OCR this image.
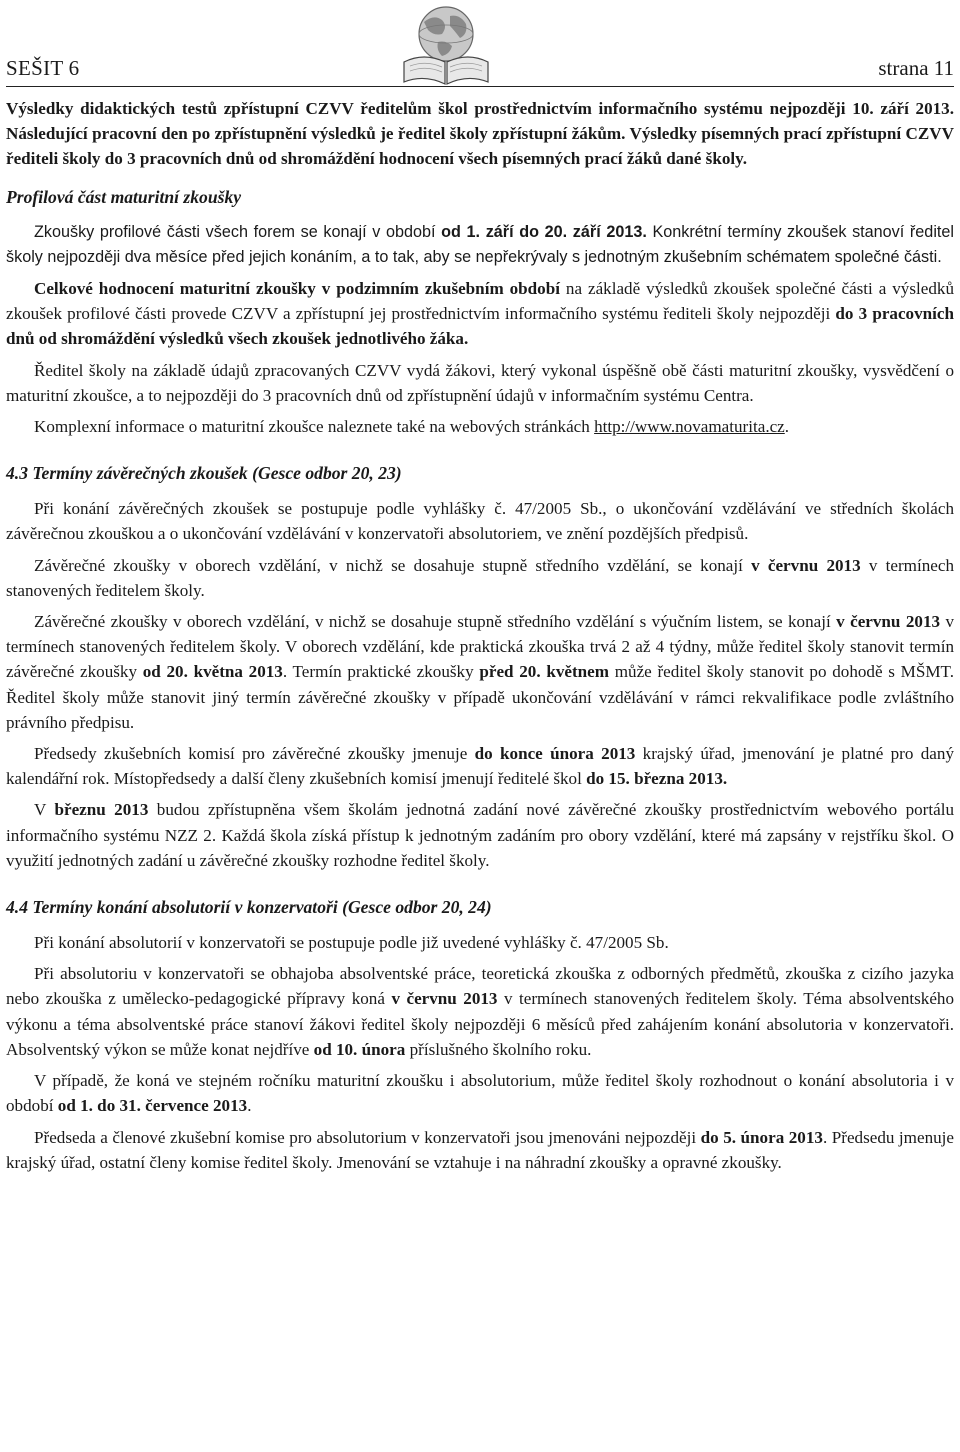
SEŠIT 6	strana 11

Výsledky didaktických testů zpřístupní CZVV ředitelům škol prostřednictvím informačního systému nejpozději 10. září 2013. Následující pracovní den po zpřístupnění výsledků je ředitel školy zpřístupní žákům. Výsledky písemných prací zpřístupní CZVV řediteli školy do 3 pracovních dnů od shromáždění hodnocení všech písemných prací žáků dané školy.

Profilová část maturitní zkoušky

Zkoušky profilové části všech forem se konají v období od 1. září do 20. září 2013. Konkrétní termíny zkoušek stanoví ředitel školy nejpozději dva měsíce před jejich konáním, a to tak, aby se nepřekrývaly s jednotným zkušebním schématem společné části.

Celkové hodnocení maturitní zkoušky v podzimním zkušebním období na základě výsledků zkoušek společné části a výsledků zkoušek profilové části provede CZVV a zpřístupní jej prostřednictvím informačního systému řediteli školy nejpozději do 3 pracovních dnů od shromáždění výsledků všech zkoušek jednotlivého žáka.

Ředitel školy na základě údajů zpracovaných CZVV vydá žákovi, který vykonal úspěšně obě části maturitní zkoušky, vysvědčení o maturitní zkoušce, a to nejpozději do 3 pracovních dnů od zpřístupnění údajů v informačním systému Centra.

Komplexní informace o maturitní zkoušce naleznete také na webových stránkách http://www.novamaturita.cz.

4.3 Termíny závěrečných zkoušek (Gesce odbor 20, 23)

Při konání závěrečných zkoušek se postupuje podle vyhlášky č. 47/2005 Sb., o ukončování vzdělávání ve středních školách závěrečnou zkouškou a o ukončování vzdělávání v konzervatoři absolutoriem, ve znění pozdějších předpisů.

Závěrečné zkoušky v oborech vzdělání, v nichž se dosahuje stupně středního vzdělání, se konají v červnu 2013 v termínech stanovených ředitelem školy.

Závěrečné zkoušky v oborech vzdělání, v nichž se dosahuje stupně středního vzdělání s výučním listem, se konají v červnu 2013 v termínech stanovených ředitelem školy. V oborech vzdělání, kde praktická zkouška trvá 2 až 4 týdny, může ředitel školy stanovit termín závěrečné zkoušky od 20. května 2013. Termín praktické zkoušky před 20. květnem může ředitel školy stanovit po dohodě s MŠMT. Ředitel školy může stanovit jiný termín závěrečné zkoušky v případě ukončování vzdělávání v rámci rekvalifikace podle zvláštního právního předpisu.

Předsedy zkušebních komisí pro závěrečné zkoušky jmenuje do konce února 2013 krajský úřad, jmenování je platné pro daný kalendářní rok. Místopředsedy a další členy zkušebních komisí jmenují ředitelé škol do 15. března 2013.

V březnu 2013 budou zpřístupněna všem školám jednotná zadání nové závěrečné zkoušky prostřednictvím webového portálu informačního systému NZZ 2. Každá škola získá přístup k jednotným zadáním pro obory vzdělání, které má zapsány v rejstříku škol. O využití jednotných zadání u závěrečné zkoušky rozhodne ředitel školy.

4.4 Termíny konání absolutorií v konzervatoři (Gesce odbor 20, 24)

Při konání absolutorií v konzervatoři se postupuje podle již uvedené vyhlášky č. 47/2005 Sb.

Při absolutoriu v konzervatoři se obhajoba absolventské práce, teoretická zkouška z odborných předmětů, zkouška z cizího jazyka nebo zkouška z umělecko-pedagogické přípravy koná v červnu 2013 v termínech stanovených ředitelem školy. Téma absolventského výkonu a téma absolventské práce stanoví žákovi ředitel školy nejpozději 6 měsíců před zahájením konání absolutoria v konzervatoři. Absolventský výkon se může konat nejdříve od 10. února příslušného školního roku.

V případě, že koná ve stejném ročníku maturitní zkoušku i absolutorium, může ředitel školy rozhodnout o konání absolutoria i v období od 1. do 31. července 2013.

Předseda a členové zkušební komise pro absolutorium v konzervatoři jsou jmenováni nejpozději do 5. února 2013. Předsedu jmenuje krajský úřad, ostatní členy komise ředitel školy. Jmenování se vztahuje i na náhradní zkoušky a opravné zkoušky.
